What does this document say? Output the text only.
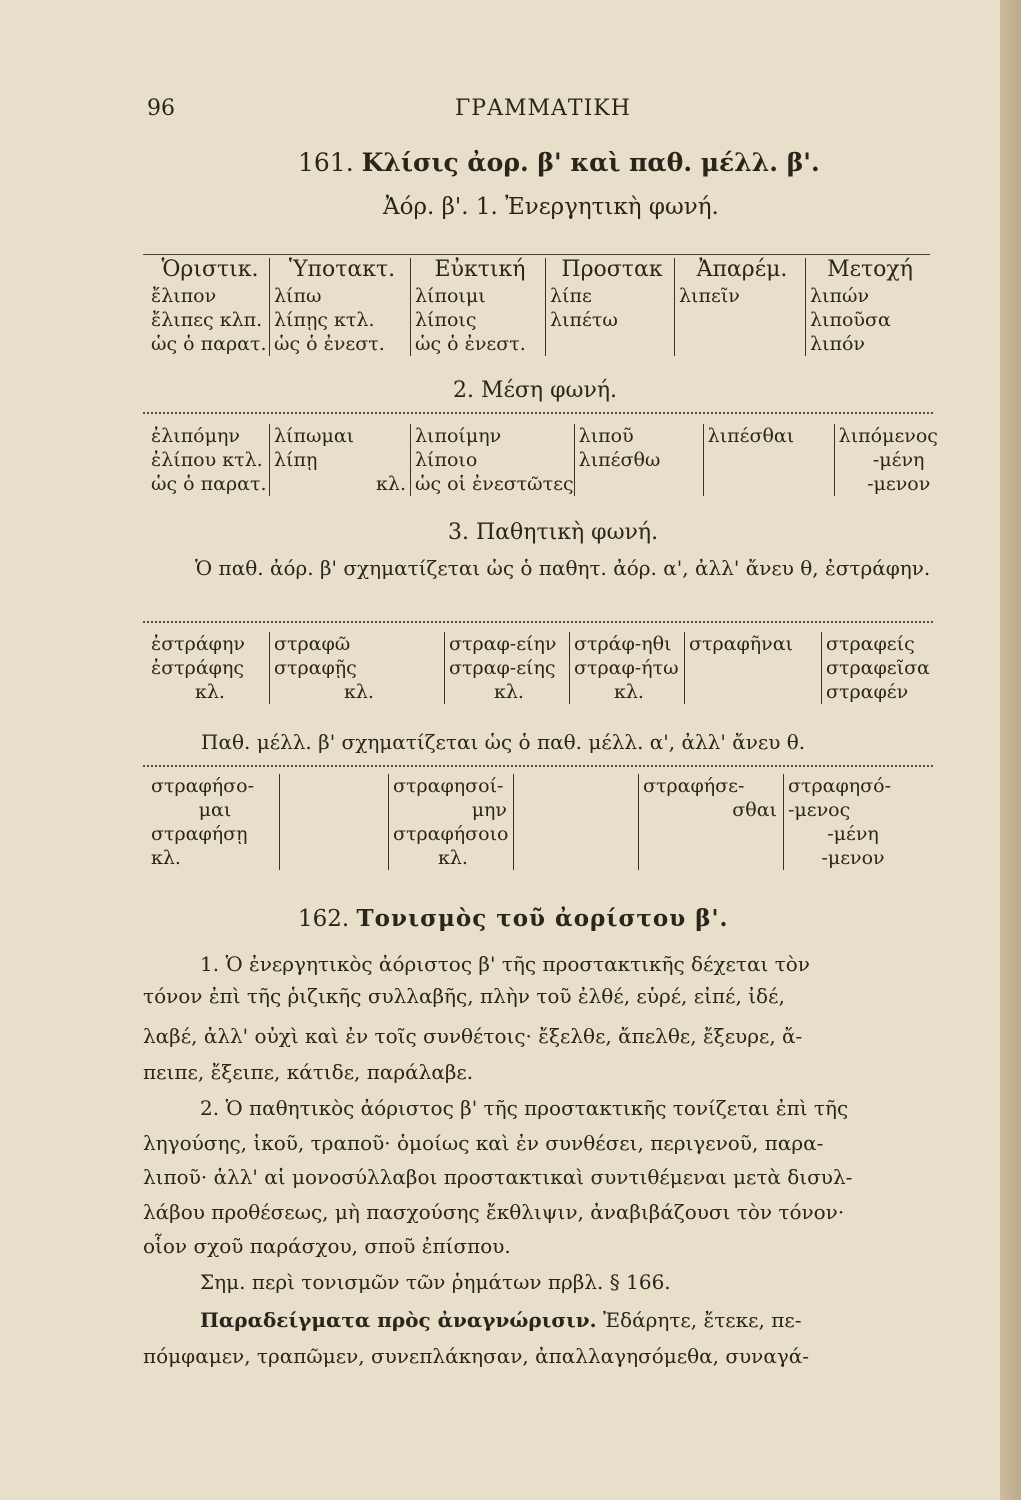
96	ΓΡΑΜΜΑΤΙΚΗ
161. Κλίσις ἀορ. β' καὶ παθ. μέλλ. β'.
Ἀόρ. β'. 1. Ἐνεργητικὴ φωνή.
Ὁριστικ.	Ὑποτακτ.	Εὐκτική	Προστακ	Ἀπαρέμ.	Μετοχή
ἔλιπον	λίπω	λίποιμι	λίπε	λιπεῖν	λιπών
ἔλιπες κλπ.	λίπῃς κτλ.	λίποις	λιπέτω		λιποῦσα
ὡς ὁ παρατ.	ὡς ὁ ἐνεστ.	ὡς ὁ ἐνεστ.			λιπόν
2. Μέση φωνή.
ἐλιπόμην	λίπωμαι	λιποίμην	λιποῦ	λιπέσθαι	λιπόμενος
ἐλίπου κτλ.	λίπῃ	λίποιο	λιπέσθω		-μένη
ὡς ὁ παρατ.	κλ.	ὡς οἱ ἐνεστῶτες			-μενον
3. Παθητικὴ φωνή.
Ὁ παθ. ἀόρ. β' σχηματίζεται ὡς ὁ παθητ. ἀόρ. α', ἀλλ' ἄνευ θ, ἐστράφην.
ἐστράφην	στραφῶ	στραφ-είην	στράφ-ηθι	στραφῆναι	στραφείς
ἐστράφης	στραφῇς	στραφ-είης	στραφ-ήτω		στραφεῖσα
κλ.	κλ.	κλ.	κλ.		στραφέν
Παθ. μέλλ. β' σχηματίζεται ὡς ὁ παθ. μέλλ. α', ἀλλ' ἄνευ θ.
στραφήσο-		στραφησοί-		στραφήσε-	στραφησό-
μαι		μην		σθαι	-μενος
στραφήσῃ		στραφήσοιο			-μένη
κλ.		κλ.			-μενον
162. Τονισμὸς τοῦ ἀορίστου β'.
1. Ὁ ἐνεργητικὸς ἀόριστος β' τῆς προστακτικῆς δέχεται τὸν
τόνον ἐπὶ τῆς ῥιζικῆς συλλαβῆς, πλὴν τοῦ ἐλθέ, εὑρέ, εἰπέ, ἰδέ,
λαβέ, ἀλλ' οὐχὶ καὶ ἐν τοῖς συνθέτοις· ἔξελθε, ἄπελθε, ἔξευρε, ἄ-
πειπε, ἔξειπε, κάτιδε, παράλαβε.
2. Ὁ παθητικὸς ἀόριστος β' τῆς προστακτικῆς τονίζεται ἐπὶ τῆς
ληγούσης, ἰκοῦ, τραποῦ· ὁμοίως καὶ ἐν συνθέσει, περιγενοῦ, παρα-
λιποῦ· ἀλλ' αἱ μονοσύλλαβοι προστακτικαὶ συντιθέμεναι μετὰ δισυλ-
λάβου προθέσεως, μὴ πασχούσης ἔκθλιψιν, ἀναβιβάζουσι τὸν τόνον·
οἷον σχοῦ παράσχου, σποῦ ἐπίσπου.
Σημ. περὶ τονισμῶν τῶν ῥημάτων πρβλ. § 166.
Παραδείγματα πρὸς ἀναγνώρισιν. Ἐδάρητε, ἔτεκε, πε-
πόμφαμεν, τραπῶμεν, συνεπλάκησαν, ἀπαλλαγησόμεθα, συναγά-
